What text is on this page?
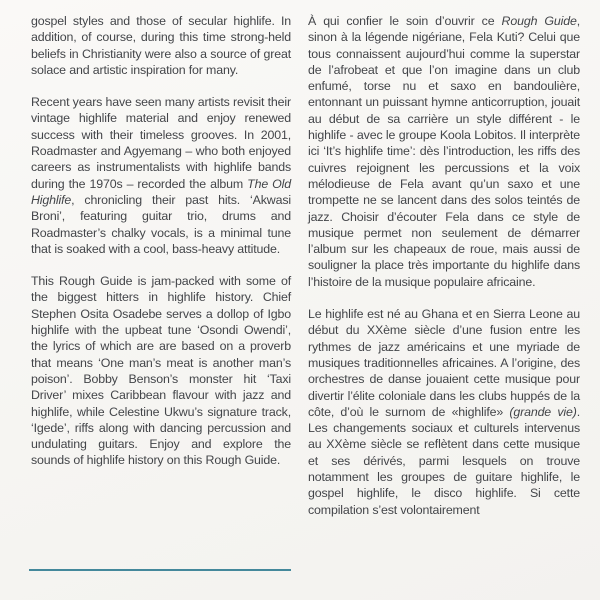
gospel styles and those of secular highlife. In addition, of course, during this time strong-held beliefs in Christianity were also a source of great solace and artistic inspiration for many.

Recent years have seen many artists revisit their vintage highlife material and enjoy renewed success with their timeless grooves. In 2001, Roadmaster and Agyemang – who both enjoyed careers as instrumentalists with highlife bands during the 1970s – recorded the album The Old Highlife, chronicling their past hits. ‘Akwasi Broni’, featuring guitar trio, drums and Roadmaster’s chalky vocals, is a minimal tune that is soaked with a cool, bass-heavy attitude.

This Rough Guide is jam-packed with some of the biggest hitters in highlife history. Chief Stephen Osita Osadebe serves a dollop of Igbo highlife with the upbeat tune ‘Osondi Owendi’, the lyrics of which are are based on a proverb that means ‘One man’s meat is another man’s poison’. Bobby Benson’s monster hit ‘Taxi Driver’ mixes Caribbean flavour with jazz and highlife, while Celestine Ukwu’s signature track, ‘Igede’, riffs along with dancing percussion and undulating guitars. Enjoy and explore the sounds of highlife history on this Rough Guide.

À qui confier le soin d’ouvrir ce Rough Guide, sinon à la légende nigériane, Fela Kuti? Celui que tous connaissent aujourd’hui comme la superstar de l’afrobeat et que l’on imagine dans un club enfumé, torse nu et saxo en bandoulière, entonnant un puissant hymne anticorruption, jouait au début de sa carrière un style différent - le highlife - avec le groupe Koola Lobitos. Il interprète ici ‘It’s highlife time’: dès l’introduction, les riffs des cuivres rejoignent les percussions et la voix mélodieuse de Fela avant qu’un saxo et une trompette ne se lancent dans des solos teintés de jazz. Choisir d’écouter Fela dans ce style de musique permet non seulement de démarrer l’album sur les chapeaux de roue, mais aussi de souligner la place très importante du highlife dans l’histoire de la musique populaire africaine.

Le highlife est né au Ghana et en Sierra Leone au début du XXème siècle d’une fusion entre les rythmes de jazz américains et une myriade de musiques traditionnelles africaines. A l’origine, des orchestres de danse jouaient cette musique pour divertir l’élite coloniale dans les clubs huppés de la côte, d’où le surnom de «highlife» (grande vie). Les changements sociaux et culturels intervenus au XXème siècle se reflètent dans cette musique et ses dérivés, parmi lesquels on trouve notamment les groupes de guitare highlife, le gospel highlife, le disco highlife. Si cette compilation s’est volontairement
